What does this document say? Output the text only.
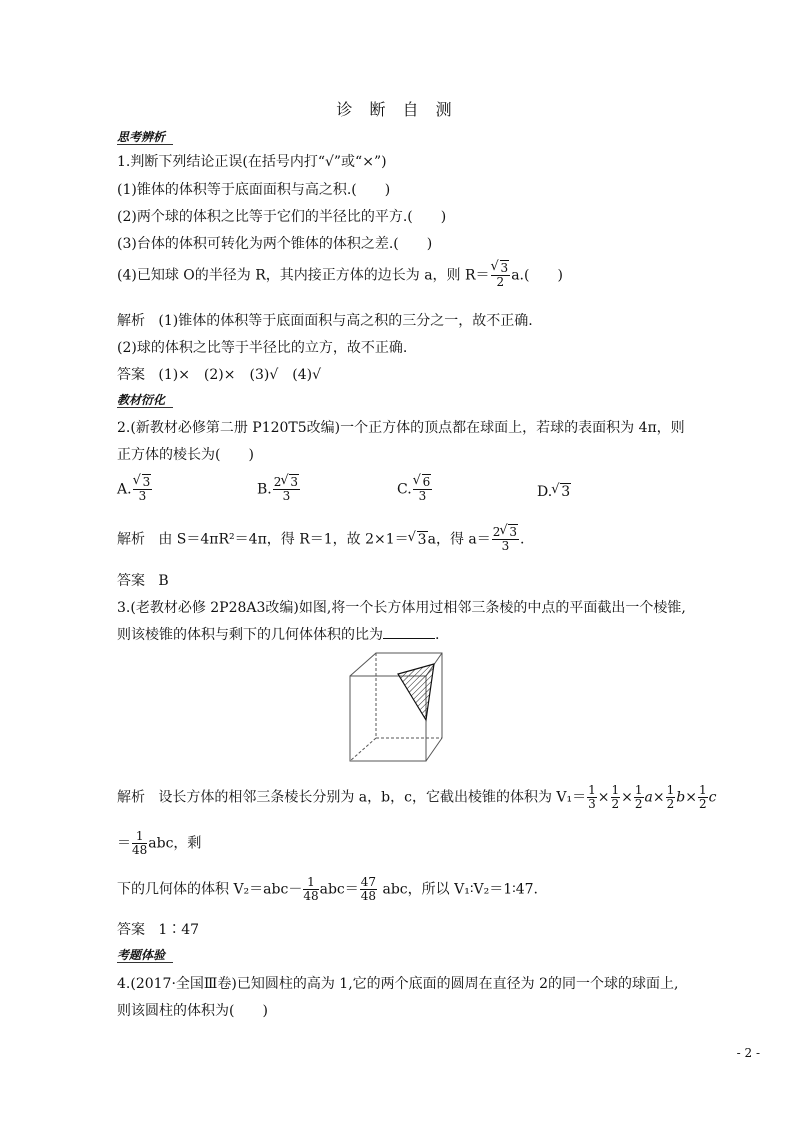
诊 断 自 测
思考辨析
1.判断下列结论正误(在括号内打“√”或“×”)
(1)锥体的体积等于底面面积与高之积.(　　)
(2)两个球的体积之比等于它们的半径比的平方.(　　)
(3)台体的体积可转化为两个锥体的体积之差.(　　)
(4)已知球 O的半径为 R，其内接正方体的边长为 a，则 R＝ √ $\frac{3}{2} a$.(　　)
解析 (1)锥体的体积等于底面面积与高之积的三分之一，故不正确.
(2)球的体积之比等于半径比的立方，故不正确.
答案 (1)×　(2)×　(3)√　(4)√
教材衍化
2.(新教材必修第二册 P120T5改编)一个正方体的顶点都在球面上，若球的表面积为 4π，则
正方体的棱长为(　　)
A. √ $\frac{3}{3}$	B. $\frac{2 √ 3}{3}$	C. √ $\frac{6}{3}$	D. √ 3
解析 由 S＝4πR²＝4π，得 R＝1，故 2×1＝ √ 3a，得 $a= \frac{2 √ 3}{3}$ .
答案 B
3.(老教材必修 2P28A3改编)如图,将一个长方体用过相邻三条棱的中点的平面截出一个棱锥,
则该棱锥的体积与剩下的几何体体积的比为	.
解析 设长方体的相邻三条棱长分别为 a，b，c，它截出棱锥的体积为 $V_1= \frac{1}{3} \times \frac{1}{2} \times \frac{1}{2} a\times \frac{1}{2} b\times \frac{1}{2}$ c
＝ $\frac{1}{48}$ abc，剩
下的几何体的体积 $V_2=abc- \frac{1}{48} abc= \frac{47}{48}$ abc，所以 V₁∶V₂＝1∶47.
答案 1∶47
考题体验
4.(2017·全国Ⅲ卷)已知圆柱的高为 1,它的两个底面的圆周在直径为 2的同一个球的球面上,
则该圆柱的体积为(　　)
- 2 -
